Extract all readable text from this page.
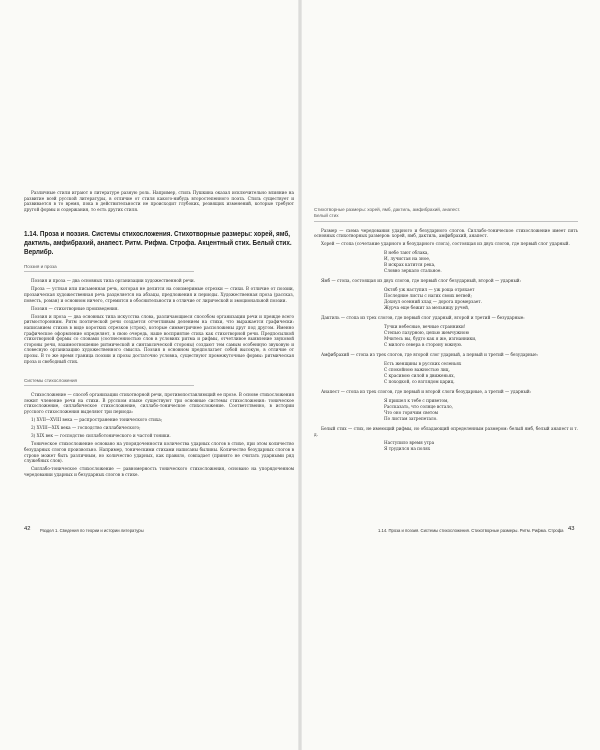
Различные стили играют в литературе разную роль. Например, стиль Пушкина оказал исключительно влияние на развитие всей русской литературы, в отличие от стиля какого-нибудь второстепенного поэта. Стиль существует и развивается в то время, пока в действительности не происходит глубоких, резвящих изменений, которые требуют другой формы и содержания, то есть других стиля.

1.14. Проза и поэзия. Системы стихосложения. Стихотворные размеры: хорей, ямб, дактиль, амфибрахий, анапест. Ритм. Рифма. Строфа. Акцентный стих. Белый стих. Верлибр.
Поэзия и проза

Поэзия и проза — два основных типа организации художественной речи.

Проза — устная или письменная речь, которая не делится на соизмеримые отрезки — стихи. В отличие от поэзии, прозаическая художественная речь разделяется на абзацы, предложения и периоды. Художественная проза (рассказ, повесть, роман) и основном ничего, стремится в обоснительности в отличие от лирической и эмоциональной поэзии.

Поэзия — стихотворные произведения.

Поэзия и проза — два основных типа искусства слова, различающиеся способом организации речи и прежде всего ритмосторонним. Ритм поэтической речи создается отчетливым делением на стихи, что выражается графически: написанием стихов в виде коротких отрезков (строк), которые симметричнее расположены друг под другом. Именно графическое оформление определяет, в свою очередь, наше восприятие стиха как стихотворной речи. Предпосылкой стихотворной формы со словами (соотнесенностью слов в условиях ритма и рифмы, отчетливое выявление звуковой стороны речи, взаимоотношение ритмической и синтаксической стороны) создают тем самым особенную звуковую и словесную организацию художественного смысла. Поэзия в основном предполагает собой высокую, в отличие от прозы. В то же время граница поэзии и прозы достаточно условна, существуют промежуточные формы: ритмическая проза и свободный стих.

Системы стихосложения

Стихосложение — способ организации стихотворной речи, противопоставляющий ее прозе. В основе стихосложения лежит членение речи на стихи. В русском языке существуют три основные системы стихосложения: тоническое стихосложение, силлабическое стихосложение, силлабо-тоническое стихосложение. Соответственно, в истории русского стихосложения выделяют три периода:

1) XVII—XVIII века — распространение тонического стиха;

2) XVIII—XIX века — господство силлабического;

3) XIX век — господство силлаботонического и частой тоники.

Тоническое стихосложение основано на упорядоченности количества ударных слогов в стихе, при этом количество безударных слогов произвольно. Например, тоническими стихами написаны былины. Количество безударных слогов в строке может быть различным, но количество ударных, как правило, совпадает (принято не считать ударными ряд служебных слов).

Силлабо-тоническое стихосложение — равномерность тонического стихосложения, основано на упорядоченном чередовании ударных и безударных слогов в стихе.

42 Раздел 1. Сведения по теории и истории литературы
Стихотворные размеры: хорей, ямб, дактиль, амфибрахий, анапест.
Белый стих

Размер — схема чередования ударного и безударного слогов. Силлабо-тоническое стихосложение имеет пять основных стихотворных размеров: хорей, ямб, дактиль, амфибрахий, анапест.

Хорей — стопа (сочетание ударного и безударного слога), состоящая из двух слогов, где первый слог ударный.

В небе тают облака,

И, лучистая на зное,

В искрах катится река,

Словно зеркало стальное.

Ямб — стопа, состоящая из двух слогов, где первый слог безударный, второй — ударный:

Октяб уж наступил — уж роща отряхает

Последние листы с нагих своих ветвей;

Дохнул осенний хлад — дорога промерзает.

Журча еще бежит за мельницу ручей,

Дактиль — стопа из трех слогов, где первый слог ударный, второй и третий — безударные:

Тучки небесные, вечные странники!

Степью лазурною, цепью жемчужною

Мчитесь вы, будто как я же, изгнанники,

С милого севера в сторону южную.

Амфибрахий — стопа из трех слогов, где второй слог ударный, а первый и третий — безударные:

Есть женщины в русских селеньях

С спокойною важностью лиц,

С красивою силой в движеньях,

С походкой, со взглядом цариц.

Анапест — стопа из трех слогов, где первый и второй слоги безударные, а третий — ударный:

Я пришел к тебе с приветом,

Рассказать, что солнце встало,

Что оно горячим светом

По листам затрепетало.

Белый стих — стих, не имеющий рифмы, но обладающий определенным размером: белый ямб, белый анапест и т. д.

Наступило время утра

Я трудился на полях

1.14. Проза и поэзия. Системы стихосложения. Стихотворные размеры. Ритм. Рифма. Строфа 43
